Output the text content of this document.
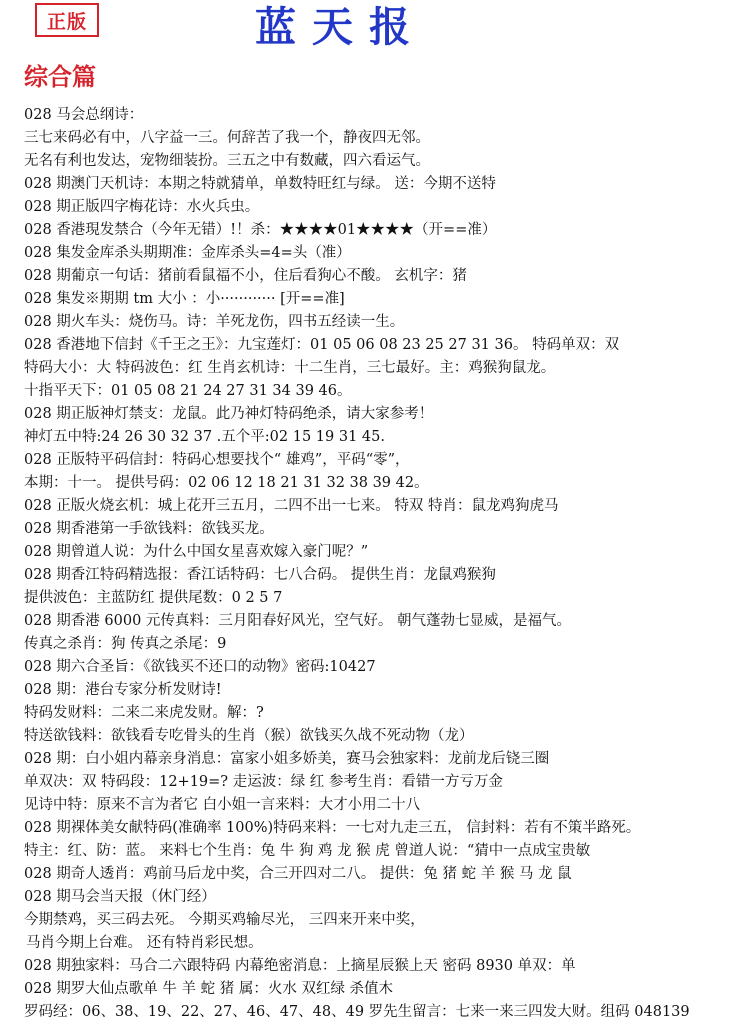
正版	蓝天报
综合篇
028 马会总纲诗：
三七来码必有中，八字益一三。何辞苦了我一个，静夜四无邻。
无名有利也发达，宠物细装扮。三五之中有数藏，四六看运气。
028 期澳门天机诗：本期之特就猜单，单数特旺红与绿。 送：今期不送特
028 期正版四字梅花诗：水火兵虫。
028 香港現发禁合（今年无错）!！杀：★★★★01★★★★（开==准）
028 集发金库杀头期期准：金库杀头=4=头（准）
028 期葡京一句话：猪前看鼠福不小，住后看狗心不酸。 玄机字：猪
028 集发※期期 tm 大小 ：小············ [开==准]
028 期火车头：烧伤马。诗：羊死龙伤，四书五经读一生。
028 香港地下信封《千王之王》：九宝莲灯：01 05 06 08 23 25 27 31 36。 特码单双：双
特码大小：大 特码波色：红 生肖玄机诗：十二生肖，三七最好。主：鸡猴狗鼠龙。
十指平天下：01 05 08 21 24 27 31 34 39 46。
028 期正版神灯禁支：龙鼠。此乃神灯特码绝杀，请大家参考！
神灯五中特:24 26 30 32 37 .五个平:02 15 19 31 45.
028 正版特平码信封：特码心想要找个“ 雄鸡”，平码“零”，
本期：十一。 提供号码：02 06 12 18 21 31 32 38 39 42。
028 正版火烧玄机：城上花开三五月，二四不出一七来。 特双 特肖：鼠龙鸡狗虎马
028 期香港第一手欲钱料：欲钱买龙。
028 期曾道人说：为什么中国女星喜欢嫁入豪门呢？”
028 期香江特码精选报：香江话特码：七八合码。 提供生肖：龙鼠鸡猴狗
提供波色：主蓝防红 提供尾数：0 2 5 7
028 期香港 6000 元传真料：三月阳春好风光，空气好。 朝气蓬勃七显威，是福气。
传真之杀肖：狗 传真之杀尾：9
028 期六合圣旨：《欲钱买不还口的动物》密码:10427
028 期：港台专家分析发财诗!
特码发财料：二来二来虎发财。解：?
特送欲钱料：欲钱看专吃骨头的生肖（猴）欲钱买久战不死动物（龙）
028 期：白小姐内幕亲身消息：富家小姐多娇美，赛马会独家料：龙前龙后铙三圈
单双决：双 特码段：12+19=? 走运波：绿 红 参考生肖：看错一方亏万金
见诗中特：原来不言为者它 白小姐一言来料：大才小用二十八
028 期裸体美女献特码(准确率 100%)特码来料：一七对九走三五， 信封料：若有不策半路死。
特主：红、防：蓝。 来料七个生肖：兔 牛 狗 鸡 龙 猴 虎 曾道人说：“猜中一点成宝贵敏
028 期奇人透肖：鸡前马后龙中奖，合三开四对二八。 提供：兔 猪 蛇 羊 猴 马 龙 鼠
028 期马会当天报（休门经）
今期禁鸡，买三码去死。 今期买鸡输尽光， 三四来开来中奖，
马肖今期上台难。 还有特肖彩民想。
028 期独家料：马合二六跟特码 内幕绝密消息：上摘星辰猴上天 密码 8930 单双：单
028 期罗大仙点歌单 牛 羊 蛇 猪 属：火水 双红绿 杀值木
罗码经：06、38、19、22、27、46、47、48、49 罗先生留言：七来一来三四发大财。组码 048139
